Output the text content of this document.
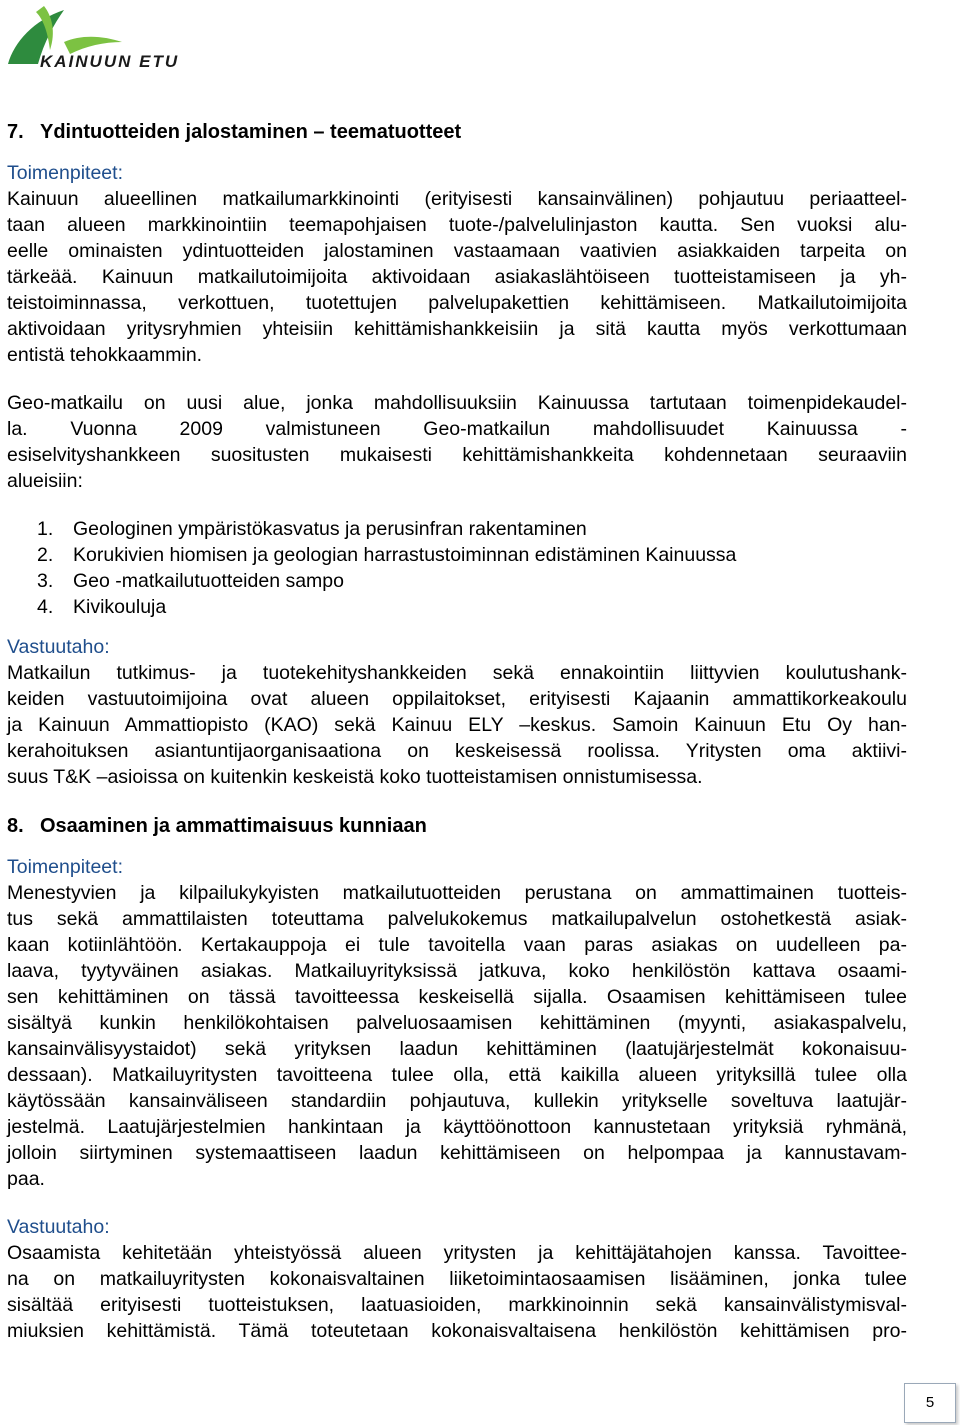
KAINUUN ETU
7. Ydintuotteiden jalostaminen – teematuotteet
Toimenpiteet:
Kainuun alueellinen matkailumarkkinointi (erityisesti kansainvälinen) pohjautuu periaatteel-
taan alueen markkinointiin teemapohjaisen tuote-/palvelulinjaston kautta. Sen vuoksi alu-
eelle ominaisten ydintuotteiden jalostaminen vastaamaan vaativien asiakkaiden tarpeita on
tärkeää. Kainuun matkailutoimijoita aktivoidaan asiakaslähtöiseen tuotteistamiseen ja yh-
teistoiminnassa, verkottuen, tuotettujen palvelupakettien kehittämiseen. Matkailutoimijoita
aktivoidaan yritysryhmien yhteisiin kehittämishankkeisiin ja sitä kautta myös verkottumaan
entistä tehokkaammin.
Geo-matkailu on uusi alue, jonka mahdollisuuksiin Kainuussa tartutaan toimenpidekaudel-
la. Vuonna 2009 valmistuneen Geo-matkailun mahdollisuudet Kainuussa -
esiselvityshankkeen suositusten mukaisesti kehittämishankkeita kohdennetaan seuraaviin
alueisiin:
1. Geologinen ympäristökasvatus ja perusinfran rakentaminen
2. Korukivien hiomisen ja geologian harrastustoiminnan edistäminen Kainuussa
3. Geo -matkailutuotteiden sampo
4. Kivikouluja
Vastuutaho:
Matkailun tutkimus- ja tuotekehityshankkeiden sekä ennakointiin liittyvien koulutushank-
keiden vastuutoimijoina ovat alueen oppilaitokset, erityisesti Kajaanin ammattikorkeakoulu
ja Kainuun Ammattiopisto (KAO) sekä Kainuu ELY –keskus. Samoin Kainuun Etu Oy han-
kerahoituksen asiantuntijaorganisaationa on keskeisessä roolissa. Yritysten oma aktiivi-
suus T&K –asioissa on kuitenkin keskeistä koko tuotteistamisen onnistumisessa.
8. Osaaminen ja ammattimaisuus kunniaan
Toimenpiteet:
Menestyvien ja kilpailukykyisten matkailutuotteiden perustana on ammattimainen tuotteis-
tus sekä ammattilaisten toteuttama palvelukokemus matkailupalvelun ostohetkestä asiak-
kaan kotiinlähtöön. Kertakauppoja ei tule tavoitella vaan paras asiakas on uudelleen pa-
laava, tyytyväinen asiakas. Matkailuyrityksissä jatkuva, koko henkilöstön kattava osaami-
sen kehittäminen on tässä tavoitteessa keskeisellä sijalla. Osaamisen kehittämiseen tulee
sisältyä kunkin henkilökohtaisen palveluosaamisen kehittäminen (myynti, asiakaspalvelu,
kansainvälisyystaidot) sekä yrityksen laadun kehittäminen (laatujärjestelmät kokonaisuu-
dessaan). Matkailuyritysten tavoitteena tulee olla, että kaikilla alueen yrityksillä tulee olla
käytössään kansainväliseen standardiin pohjautuva, kullekin yritykselle soveltuva laatujär-
jestelmä. Laatujärjestelmien hankintaan ja käyttöönottoon kannustetaan yrityksiä ryhmänä,
jolloin siirtyminen systemaattiseen laadun kehittämiseen on helpompaa ja kannustavam-
paa.
Vastuutaho:
Osaamista kehitetään yhteistyössä alueen yritysten ja kehittäjätahojen kanssa. Tavoittee-
na on matkailuyritysten kokonaisvaltainen liiketoimintaosaamisen lisääminen, jonka tulee
sisältää erityisesti tuotteistuksen, laatuasioiden, markkinoinnin sekä kansainvälistymisval-
miuksien kehittämistä. Tämä toteutetaan kokonaisvaltaisena henkilöstön kehittämisen pro-
5
